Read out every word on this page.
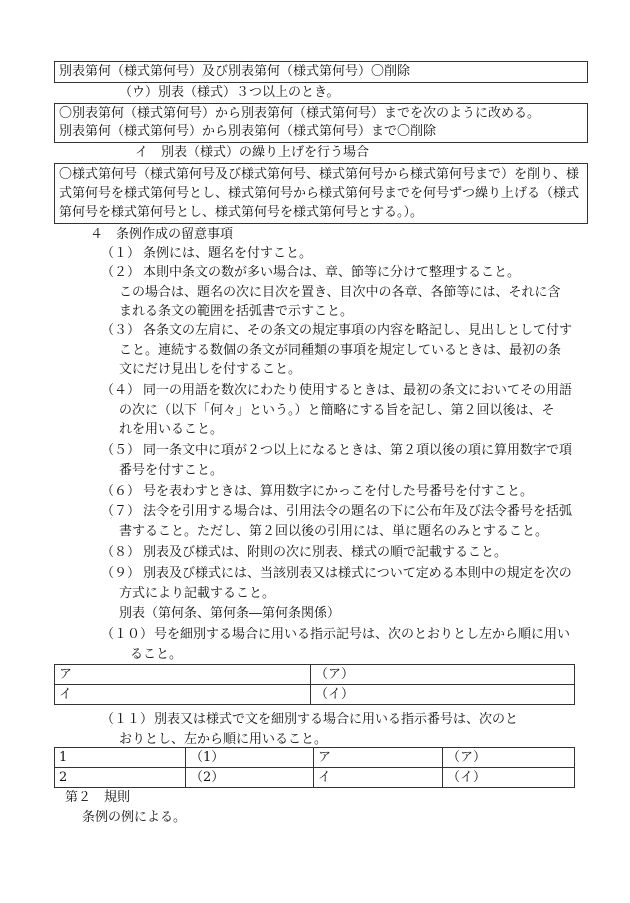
別表第何（様式第何号）及び別表第何（様式第何号）〇削除
（ウ）別表（様式）３つ以上のとき。
〇別表第何（様式第何号）から別表第何（様式第何号）までを次のように改める。
別表第何（様式第何号）から別表第何（様式第何号）まで〇削除
イ　別表（様式）の繰り上げを行う場合
〇様式第何号（様式第何号及び様式第何号、様式第何号から様式第何号まで）を削り、様
式第何号を様式第何号とし、様式第何号から様式第何号までを何号ずつ繰り上げる（様式
第何号を様式第何号とし、様式第何号を様式第何号とする。）。
４　条例作成の留意事項
（１） 条例には、題名を付すこと。
（２） 本則中条文の数が多い場合は、章、節等に分けて整理すること。
この場合は、題名の次に目次を置き、目次中の各章、各節等には、それに含
まれる条文の範囲を括弧書で示すこと。
（３） 各条文の左肩に、その条文の規定事項の内容を略記し、見出しとして付す
こと。連続する数個の条文が同種類の事項を規定しているときは、最初の条
文にだけ見出しを付すること。
（４） 同一の用語を数次にわたり使用するときは、最初の条文においてその用語
の次に（以下「何々」という。）と簡略にする旨を記し、第２回以後は、そ
れを用いること。
（５） 同一条文中に項が２つ以上になるときは、第２項以後の項に算用数字で項
番号を付すこと。
（６） 号を表わすときは、算用数字にかっこを付した号番号を付すこと。
（７） 法令を引用する場合は、引用法令の題名の下に公布年及び法令番号を括弧
書すること。ただし、第２回以後の引用には、単に題名のみとすること。
（８） 別表及び様式は、附則の次に別表、様式の順で記載すること。
（９） 別表及び様式には、当該別表又は様式について定める本則中の規定を次の
方式により記載すること。
別表（第何条、第何条―第何条関係）
（１０） 号を細別する場合に用いる指示記号は、次のとおりとし左から順に用い
ること。
ア	（ア）
イ	（イ）
（１１） 別表又は様式で文を細別する場合に用いる指示番号は、次のと
おりとし、左から順に用いること。
1	（1）	ア	（ア）
2	（2）	イ	（イ）
第２　規則
条例の例による。
